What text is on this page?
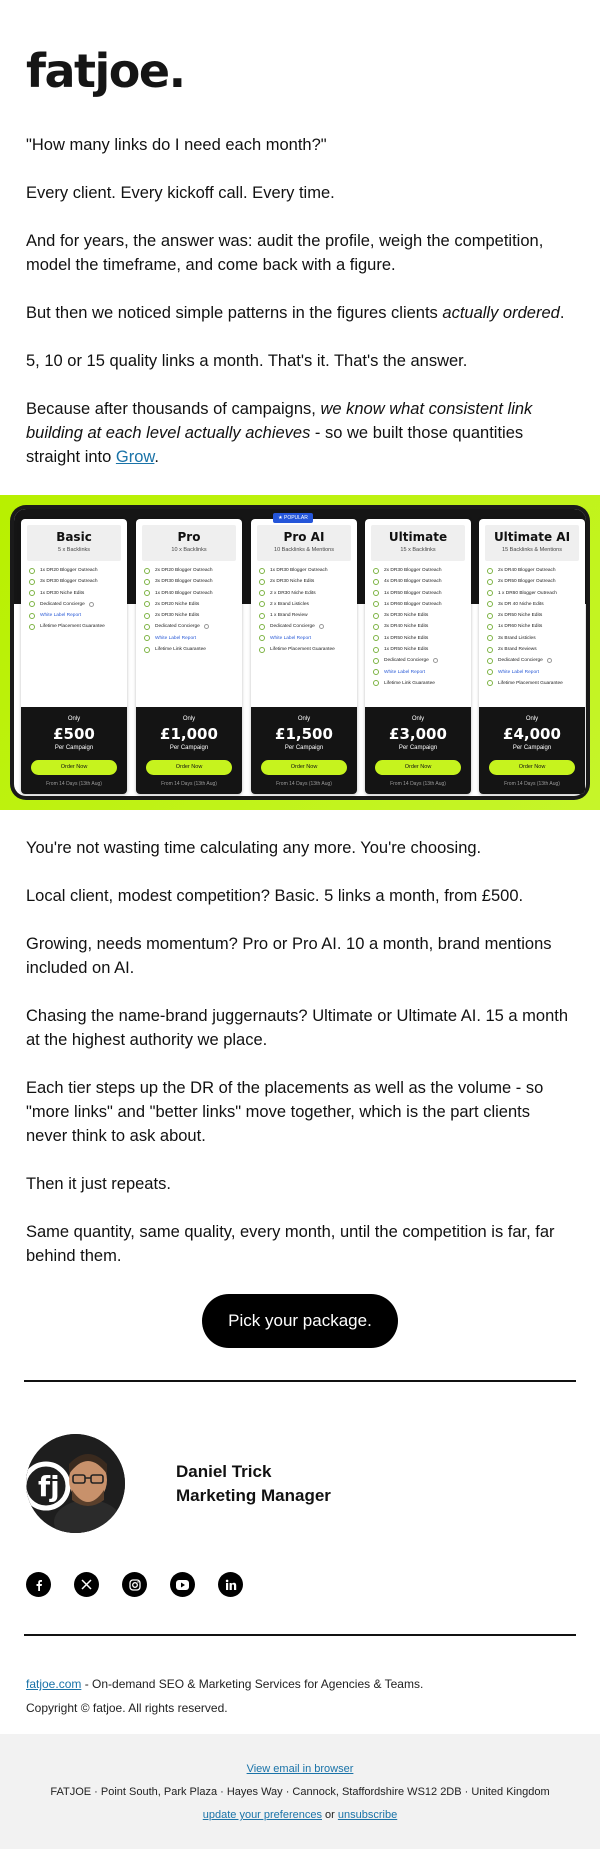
fatjoe.

"How many links do I need each month?"

Every client. Every kickoff call. Every time.

And for years, the answer was: audit the profile, weigh the competition, model the timeframe, and come back with a figure.

But then we noticed simple patterns in the figures clients actually ordered.

5, 10 or 15 quality links a month. That's it. That's the answer.

Because after thousands of campaigns, we know what consistent link building at each level actually achieves - so we built those quantities straight into Grow.

★ POPULAR
Basic
5 x Backlinks
1x DR20 Blogger Outreach
3x DR30 Blogger Outreach
1x DR30 Niche Edits
Dedicated Concierge
White Label Report
Lifetime Placement Guarantee
Only
£500
Per Campaign
Order Now
From 14 Days (13th Aug)
Pro
10 x Backlinks
2x DR20 Blogger Outreach
3x DR30 Blogger Outreach
1x DR40 Blogger Outreach
2x DR20 Niche Edits
2x DR30 Niche Edits
Dedicated Concierge
White Label Report
Lifetime Link Guarantee
Only
£1,000
Per Campaign
Order Now
From 14 Days (13th Aug)
Pro AI
10 Backlinks & Mentions
1x DR30 Blogger Outreach
2x DR30 Niche Edits
2 x DR30 Niche Edits
2 x Brand Listicles
1 x Brand Review
Dedicated Concierge
White Label Report
Lifetime Placement Guarantee
Only
£1,500
Per Campaign
Order Now
From 14 Days (13th Aug)
Ultimate
15 x Backlinks
2x DR30 Blogger Outreach
4x DR40 Blogger Outreach
1x DR50 Blogger Outreach
1x DR60 Blogger Outreach
3x DR30 Niche Edits
3x DR40 Niche Edits
1x DR50 Niche Edits
1x DR50 Niche Edits
Dedicated Concierge
White Label Report
Lifetime Link Guarantee
Only
£3,000
Per Campaign
Order Now
From 14 Days (13th Aug)
Ultimate AI
15 Backlinks & Mentions
2x DR40 Blogger Outreach
2x DR50 Blogger Outreach
1 x DR60 Blogger Outreach
3x DR 40 Niche Edits
2x DR50 Niche Edits
1x DR60 Niche Edits
3x Brand Listicles
2x Brand Reviews
Dedicated Concierge
White Label Report
Lifetime Placement Guarantee
Only
£4,000
Per Campaign
Order Now
From 14 Days (13th Aug)

You're not wasting time calculating any more. You're choosing.

Local client, modest competition? Basic. 5 links a month, from £500.

Growing, needs momentum? Pro or Pro AI. 10 a month, brand mentions included on AI.

Chasing the name-brand juggernauts? Ultimate or Ultimate AI. 15 a month at the highest authority we place.

Each tier steps up the DR of the placements as well as the volume - so "more links" and "better links" move together, which is the part clients never think to ask about.

Then it just repeats.

Same quantity, same quality, every month, until the competition is far, far behind them.

Pick your package.
fj	Daniel Trick
Marketing Manager
fatjoe.com - On-demand SEO & Marketing Services for Agencies & Teams.
Copyright © fatjoe. All rights reserved.
View email in browser
FATJOE · Point South, Park Plaza · Hayes Way · Cannock, Staffordshire WS12 2DB · United Kingdom
update your preferences or unsubscribe
